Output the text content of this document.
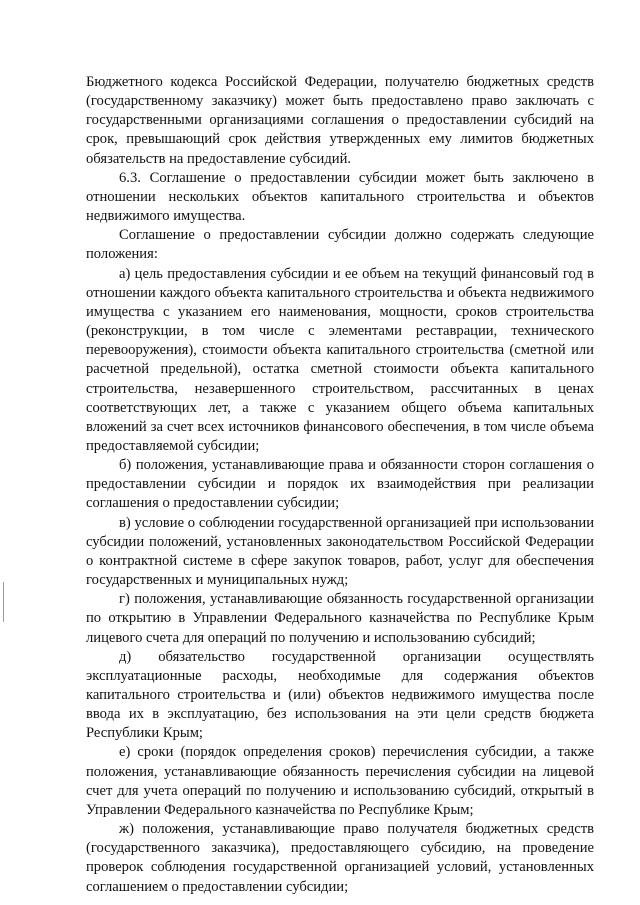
Бюджетного кодекса Российской Федерации, получателю бюджетных средств (государственному заказчику) может быть предоставлено право заключать с государственными организациями соглашения о предоставлении субсидий на срок, превышающий срок действия утвержденных ему лимитов бюджетных обязательств на предоставление субсидий.

6.3. Соглашение о предоставлении субсидии может быть заключено в отношении нескольких объектов капитального строительства и объектов недвижимого имущества.

Соглашение о предоставлении субсидии должно содержать следующие положения:

а) цель предоставления субсидии и ее объем на текущий финансовый год в отношении каждого объекта капитального строительства и объекта недвижимого имущества с указанием его наименования, мощности, сроков строительства (реконструкции, в том числе с элементами реставрации, технического перевооружения), стоимости объекта капитального строительства (сметной или расчетной предельной), остатка сметной стоимости объекта капитального строительства, незавершенного строительством, рассчитанных в ценах соответствующих лет, а также с указанием общего объема капитальных вложений за счет всех источников финансового обеспечения, в том числе объема предоставляемой субсидии;

б) положения, устанавливающие права и обязанности сторон соглашения о предоставлении субсидии и порядок их взаимодействия при реализации соглашения о предоставлении субсидии;

в) условие о соблюдении государственной организацией при использовании субсидии положений, установленных законодательством Российской Федерации о контрактной системе в сфере закупок товаров, работ, услуг для обеспечения государственных и муниципальных нужд;

г) положения, устанавливающие обязанность государственной организации по открытию в Управлении Федерального казначейства по Республике Крым лицевого счета для операций по получению и использованию субсидий;

д) обязательство государственной организации осуществлять эксплуатационные расходы, необходимые для содержания объектов капитального строительства и (или) объектов недвижимого имущества после ввода их в эксплуатацию, без использования на эти цели средств бюджета Республики Крым;

е) сроки (порядок определения сроков) перечисления субсидии, а также положения, устанавливающие обязанность перечисления субсидии на лицевой счет для учета операций по получению и использованию субсидий, открытый в Управлении Федерального казначейства по Республике Крым;

ж) положения, устанавливающие право получателя бюджетных средств (государственного заказчика), предоставляющего субсидию, на проведение проверок соблюдения государственной организацией условий, установленных соглашением о предоставлении субсидии;
